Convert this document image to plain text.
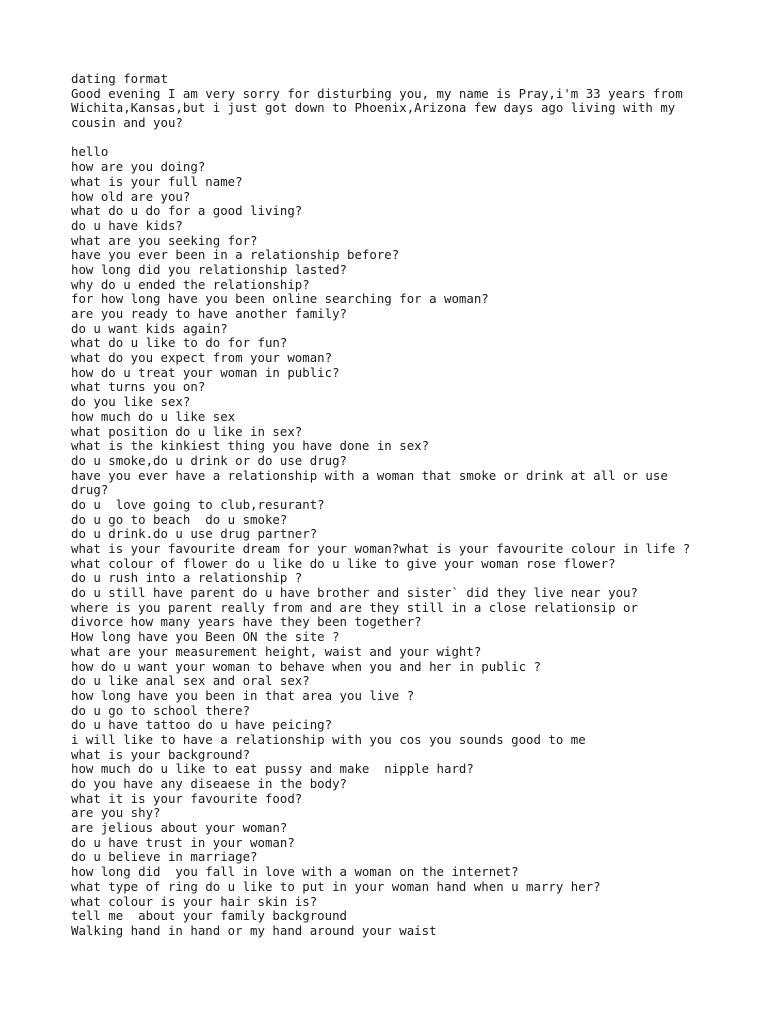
dating format
Good evening I am very sorry for disturbing you, my name is Pray,i'm 33 years from
Wichita,Kansas,but i just got down to Phoenix,Arizona few days ago living with my
cousin and you?
hello
how are you doing?
what is your full name?
how old are you?
what do u do for a good living?
do u have kids?
what are you seeking for?
have you ever been in a relationship before?
how long did you relationship lasted?
why do u ended the relationship?
for how long have you been online searching for a woman?
are you ready to have another family?
do u want kids again?
what do u like to do for fun?
what do you expect from your woman?
how do u treat your woman in public?
what turns you on?
do you like sex?
how much do u like sex
what position do u like in sex?
what is the kinkiest thing you have done in sex?
do u smoke,do u drink or do use drug?
have you ever have a relationship with a woman that smoke or drink at all or use
drug?
do u  love going to club,resurant?
do u go to beach  do u smoke?
do u drink.do u use drug partner?
what is your favourite dream for your woman?what is your favourite colour in life ?
what colour of flower do u like do u like to give your woman rose flower?
do u rush into a relationship ?
do u still have parent do u have brother and sister` did they live near you?
where is you parent really from and are they still in a close relationsip or
divorce how many years have they been together?
How long have you Been ON the site ?
what are your measurement height, waist and your wight?
how do u want your woman to behave when you and her in public ?
do u like anal sex and oral sex?
how long have you been in that area you live ?
do u go to school there?
do u have tattoo do u have peicing?
i will like to have a relationship with you cos you sounds good to me
what is your background?
how much do u like to eat pussy and make  nipple hard?
do you have any diseaese in the body?
what it is your favourite food?
are you shy?
are jelious about your woman?
do u have trust in your woman?
do u believe in marriage?
how long did  you fall in love with a woman on the internet?
what type of ring do u like to put in your woman hand when u marry her?
what colour is your hair skin is?
tell me  about your family background
Walking hand in hand or my hand around your waist
